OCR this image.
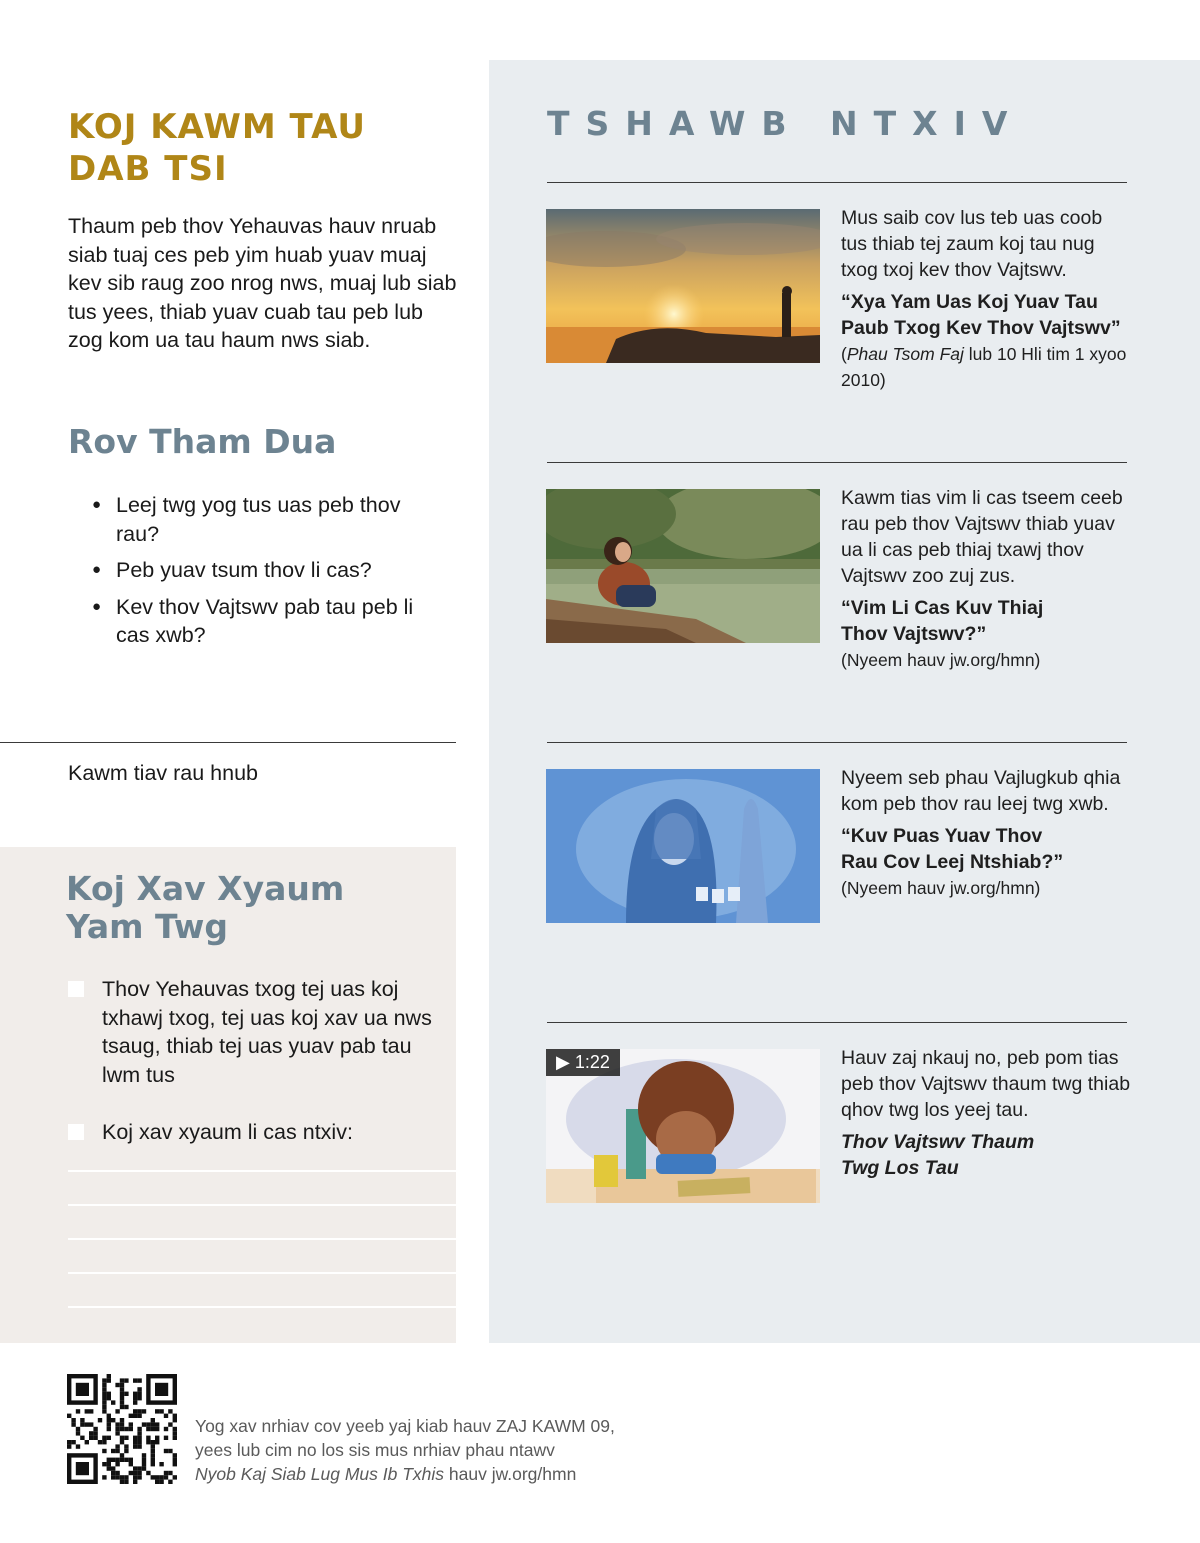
TSHAWB NTXIV
Mus saib cov lus teb uas coob tus thiab tej zaum koj tau nug txog txoj kev thov Vajtswv.
“Xya Yam Uas Koj Yuav Tau
Paub Txog Kev Thov Vajtswv”
(Phau Tsom Faj lub 10 Hli tim 1 xyoo 2010)
Kawm tias vim li cas tseem ceeb rau peb thov Vajtswv thiab yuav ua li cas peb thiaj txawj thov Vajtswv zoo zuj zus.
“Vim Li Cas Kuv Thiaj
Thov Vajtswv?”
(Nyeem hauv jw.org/hmn)
Nyeem seb phau Vajlugkub qhia kom peb thov rau leej twg xwb.
“Kuv Puas Yuav Thov
Rau Cov Leej Ntshiab?”
(Nyeem hauv jw.org/hmn)
▶ 1:22	Hauv zaj nkauj no, peb pom tias peb thov Vajtswv thaum twg thiab qhov twg los yeej tau.
Thov Vajtswv Thaum
Twg Los Tau
KOJ KAWM TAU
DAB TSI
Thaum peb thov Yehauvas hauv nruab siab tuaj ces peb yim huab yuav muaj kev sib raug zoo nrog nws, muaj lub siab tus yees, thiab yuav cuab tau peb lub zog kom ua tau haum nws siab.
Rov Tham Dua
● Leej twg yog tus uas peb thov rau?
● Peb yuav tsum thov li cas?
● Kev thov Vajtswv pab tau peb li cas xwb?
Kawm tiav rau hnub
Koj Xav Xyaum
Yam Twg
Thov Yehauvas txog tej uas koj txhawj txog, tej uas koj xav ua nws tsaug, thiab tej uas yuav pab tau lwm tus
Koj xav xyaum li cas ntxiv:
Yog xav nrhiav cov yeeb yaj kiab hauv ZAJ KAWM 09,
yees lub cim no los sis mus nrhiav phau ntawv
Nyob Kaj Siab Lug Mus Ib Txhis hauv jw.org/hmn
